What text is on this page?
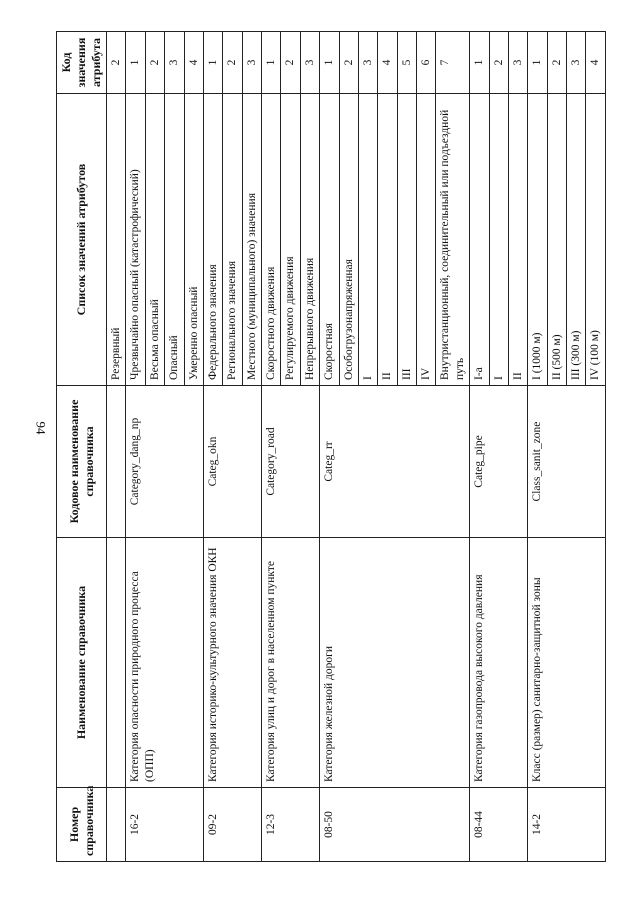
94
Номер справочника	Наименование справочника	Кодовое наименование справочника	Список значений атрибутов	Код значения атрибута
			Резервный	2
16-2	Категория опасности природного процесса (ОПП)	Category_dang_np	Чрезвычайно опасный (катастрофический)	1
			Весьма опасный	2
			Опасный	3
			Умеренно опасный	4
09-2	Категория историко-культурного значения ОКН	Categ_okn	Федерального значения	1
			Регионального значения	2
			Местного (муниципального) значения	3
12-3	Категория улиц и дорог в населенном пункте	Category_road	Скоростного движения	1
			Регулируемого движения	2
			Непрерывного движения	3
08-50	Категория железной дороги	Categ_rr	Скоростная	1
			Особогрузонапряженная	2
			I	3
			II	4
			III	5
			IV	6
			Внутристанционный, соединительный или подъездной путь	7
08-44	Категория газопровода высокого давления	Categ_pipe	I-a	1
			I	2
			II	3
14-2	Класс (размер) санитарно-защитной зоны	Class_sanit_zone	I (1000 м)	1
			II (500 м)	2
			III (300 м)	3
			IV (100 м)	4
